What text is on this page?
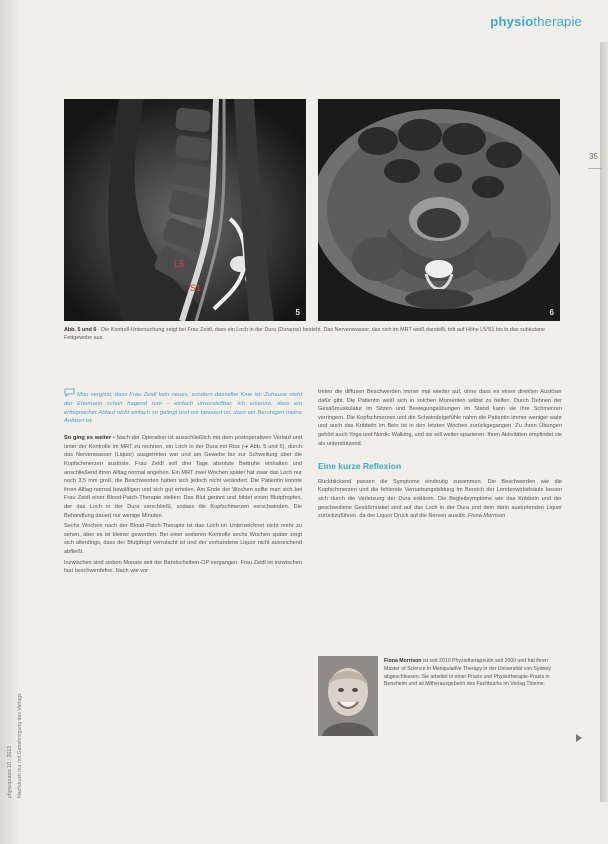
physiotherapie
35
L5
S1
5	6
Abb. 5 und 6 · Die Kontroll-Untersuchung zeigt bei Frau Zeidl, dass ein Loch in der Dura (Durariss) besteht. Das Nervenwasser, das sich im MRT weiß darstellt, tritt auf Höhe L5/S1 bis in das subkutane Fettgewebe aus.
Man vergisst, dass Frau Zeidl kein neues, sondern dasselbe Knie ist. Zuhause steht der Ehemann schon fragend rum – einfach unvorstellbar. Ich erkenne, dass ein erfolgreicher Ablauf nicht einfach so gelingt und mir bewusst ist, dass ein Beruhigen meine Antwort ist.

So ging es weiter • Nach der Operation ist ausschließlich mit dem postoperativen Verlauf und unter der Kontrolle im MRT zu rechnen, ein Loch in der Dura mit Riss (➔ Abb. 5 und 6), durch das Nervenwasser (Liquor) ausgetreten war und am Gewebe bis zur Schwellung über die Kopfschmerzen auslöste. Frau Zeidl soll drei Tage absolute Bettruhe einhalten und anschließend ihren Alltag normal angehen. Ein MRT zwei Wochen später hat zwar das Loch nur noch 3,5 mm groß, die Beschwerden hatten sich jedoch nicht verändert. Die Patientin konnte ihren Alltag normal bewältigen und sich gut erholen. Am Ende der Wochen sollte man sich bei Frau Zeidl einer Blood-Patch-Therapie stellen: Das Blut gerinnt und bildet einen Blutpfropfen, der das Loch in der Dura verschließt, sodass die Kopfschmerzen verschwinden. Die Behandlung dauert nur wenige Minuten.

Sechs Wochen nach der Blood-Patch-Therapie ist das Loch im Unterzeichnet nicht mehr zu sehen, aber es ist kleiner geworden. Bei einer weiteren Kontrolle sechs Wochen später zeigt sich allerdings, dass der Blutpfropf verrutscht ist und der vorhandene Liquor nicht ausreichend abfließt.

Inzwischen sind sieben Monate seit der Bandscheiben-OP vergangen. Frau Zeidl ist inzwischen fast beschwerdefrei. Nach wie vor

treten die diffusen Beschwerden immer mal wieder auf, ohne dass es einen direkten Auslöser dafür gibt. Die Patientin weiß sich in solchen Momenten selbst zu helfen. Durch Dehnen der Gesäßmuskulatur im Sitzen und Bewegungsübungen im Stand kann sie ihre Schmerzen verringern. Die Kopfschmerzen und die Schwindelgefühle nahm die Patientin immer weniger wahr und auch das Kribbeln im Bein ist in den letzten Wochen zurückgegangen. Zu ihren Übungen gehört auch Yoga und Nordic Walking, und sie will weiter spazieren. Ihren Aktivitäten empfindet sie als unterstützend.

Eine kurze Reflexion

Rückblickend passen die Symptome eindeutig zusammen. Die Beschwerden wie die Kopfschmerzen und die fehlende Vernarbungsbildung im Bereich der Lendenwirbelsäule lassen sich durch die Verletzung der Dura erklären. Die Begleitsymptome wie das Kribbeln und der geschwollene Gesäßmuskel sind auf das Loch in der Dura und dem darin austretenden Liquor zurückzuführen, da der Liquor Druck auf die Nerven ausübt. Fiona Morrison

Fiona Morrison ist seit 2010 Physiotherapeutin seit 2000 und hat ihren Master of Science in Manipulative Therapy in der Universität von Sydney abgeschlossen. Sie arbeitet in einer Praxis und Physiotherapie-Praxis in Bensheim und ist Mitherausgeberin des Fachbuchs im Verlag Thieme.
physiopraxis 10 · 2013 Nachdruck nur mit Genehmigung des Verlags
